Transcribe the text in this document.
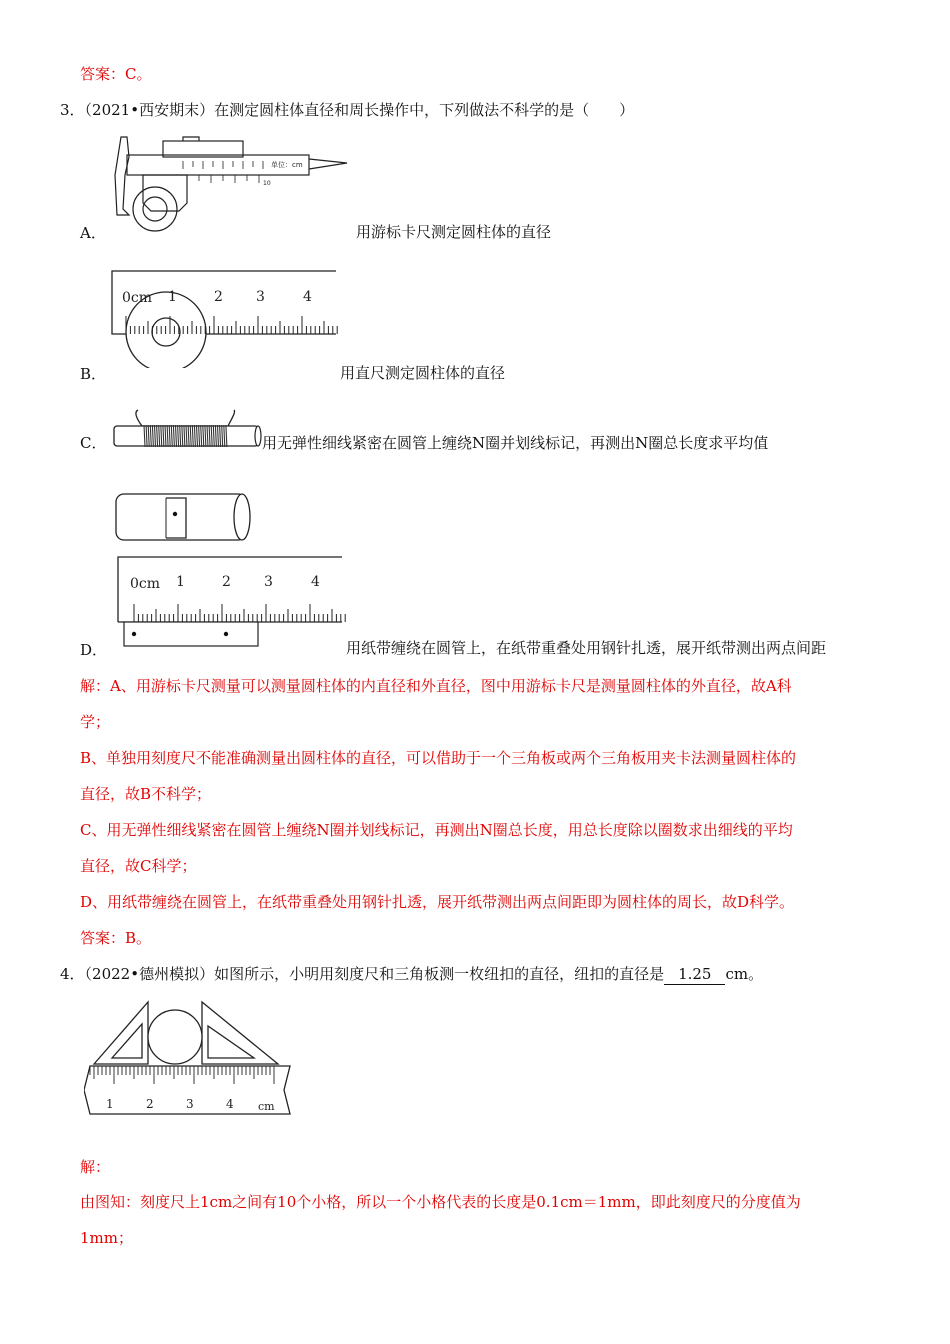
答案：C。
3．（2021•西安期末）在测定圆柱体直径和周长操作中，下列做法不科学的是（　　）
单位：cm
10
A．	用游标卡尺测定圆柱体的直径
0cm 1	2 3	4
B．	用直尺测定圆柱体的直径
C．	用无弹性细线紧密在圆管上缠绕N圈并划线标记，再测出N圈总长度求平均值
0cm 1	2 3	4
D．	用纸带缠绕在圆管上，在纸带重叠处用钢针扎透，展开纸带测出两点间距
解：A、用游标卡尺测量可以测量圆柱体的内直径和外直径，图中用游标卡尺是测量圆柱体的外直径，故A科
学；
B、单独用刻度尺不能准确测量出圆柱体的直径，可以借助于一个三角板或两个三角板用夹卡法测量圆柱体的
直径，故B不科学；
C、用无弹性细线紧密在圆管上缠绕N圈并划线标记，再测出N圈总长度，用总长度除以圈数求出细线的平均
直径，故C科学；
D、用纸带缠绕在圆管上，在纸带重叠处用钢针扎透，展开纸带测出两点间距即为圆柱体的周长，故D科学。
答案：B。
4．（2022•德州模拟）如图所示，小明用刻度尺和三角板测一枚纽扣的直径，纽扣的直径是 1.25 cm。
1	2	3	4 cm
解：
由图知：刻度尺上1cm之间有10个小格，所以一个小格代表的长度是0.1cm＝1mm，即此刻度尺的分度值为
1mm；
